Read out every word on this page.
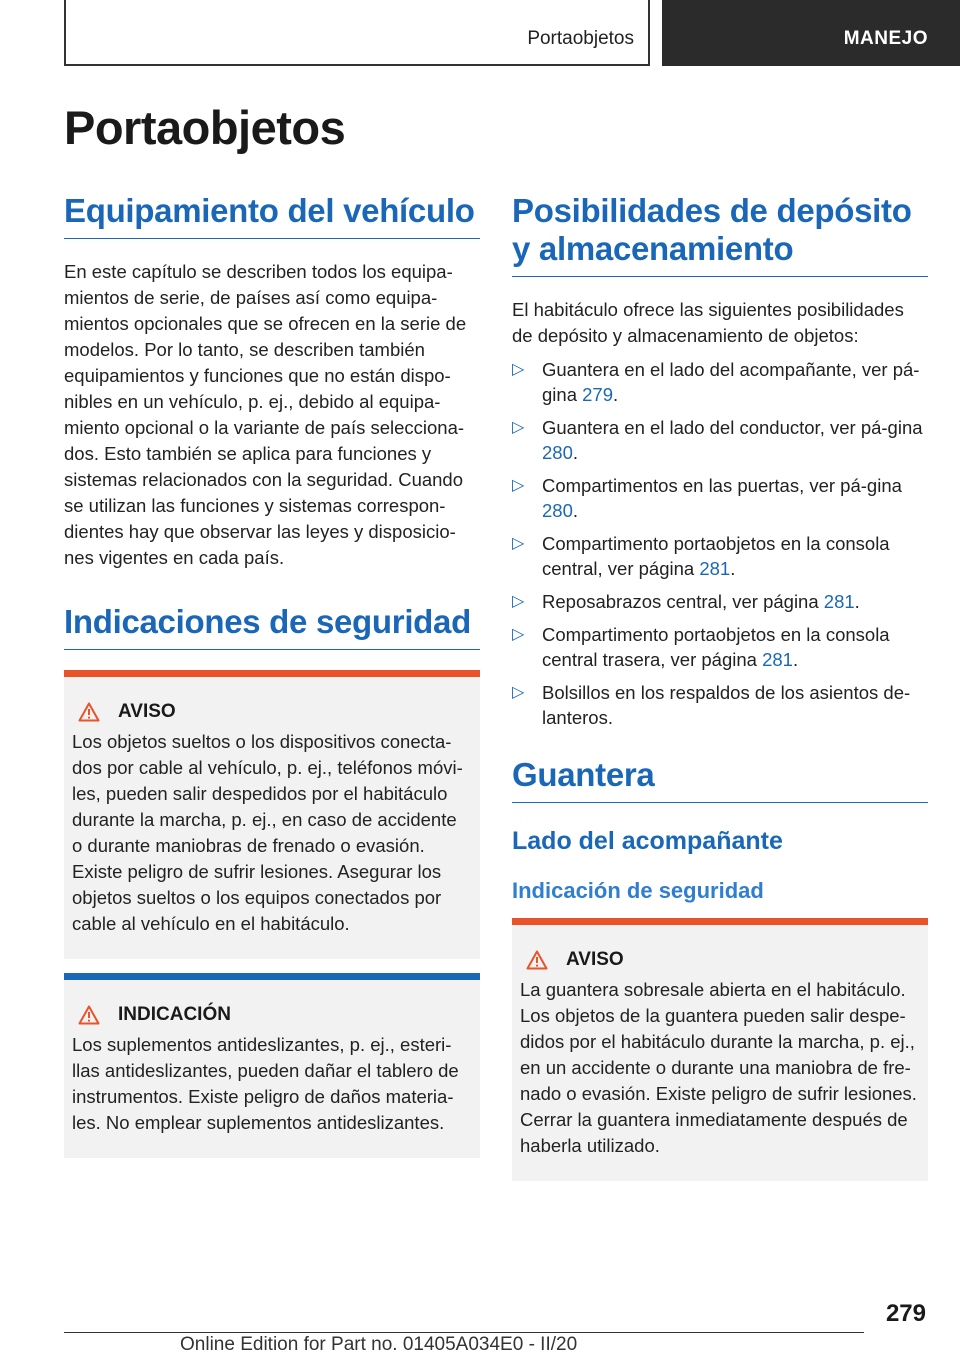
Portaobjetos	MANEJO
Portaobjetos
Equipamiento del vehículo

En este capítulo se describen todos los equipa-mientos de serie, de países así como equipa-mientos opcionales que se ofrecen en la serie de modelos. Por lo tanto, se describen también equipamientos y funciones que no están dispo-nibles en un vehículo, p. ej., debido al equipa-miento opcional o la variante de país selecciona-dos. Esto también se aplica para funciones y sistemas relacionados con la seguridad. Cuando se utilizan las funciones y sistemas correspon-dientes hay que observar las leyes y disposicio-nes vigentes en cada país.

Indicaciones de seguridad
AVISO

Los objetos sueltos o los dispositivos conecta-dos por cable al vehículo, p. ej., teléfonos móvi-les, pueden salir despedidos por el habitáculo durante la marcha, p. ej., en caso de accidente o durante maniobras de frenado o evasión. Existe peligro de sufrir lesiones. Asegurar los objetos sueltos o los equipos conectados por cable al vehículo en el habitáculo.

INDICACIÓN

Los suplementos antideslizantes, p. ej., esteri-llas antideslizantes, pueden dañar el tablero de instrumentos. Existe peligro de daños materia-les. No emplear suplementos antideslizantes.

Posibilidades de depósito y almacenamiento

El habitáculo ofrece las siguientes posibilidades de depósito y almacenamiento de objetos:

▷ Guantera en el lado del acompañante, ver pá-gina 279.
▷ Guantera en el lado del conductor, ver pá-gina 280.
▷ Compartimentos en las puertas, ver pá-gina 280.
▷ Compartimento portaobjetos en la consola central, ver página 281.
▷ Reposabrazos central, ver página 281.
▷ Compartimento portaobjetos en la consola central trasera, ver página 281.
▷ Bolsillos en los respaldos de los asientos de-lanteros.
Guantera
Lado del acompañante
Indicación de seguridad
AVISO

La guantera sobresale abierta en el habitáculo. Los objetos de la guantera pueden salir despe-didos por el habitáculo durante la marcha, p. ej., en un accidente o durante una maniobra de fre-nado o evasión. Existe peligro de sufrir lesiones. Cerrar la guantera inmediatamente después de haberla utilizado.

279
Online Edition for Part no. 01405A034E0 - II/20
